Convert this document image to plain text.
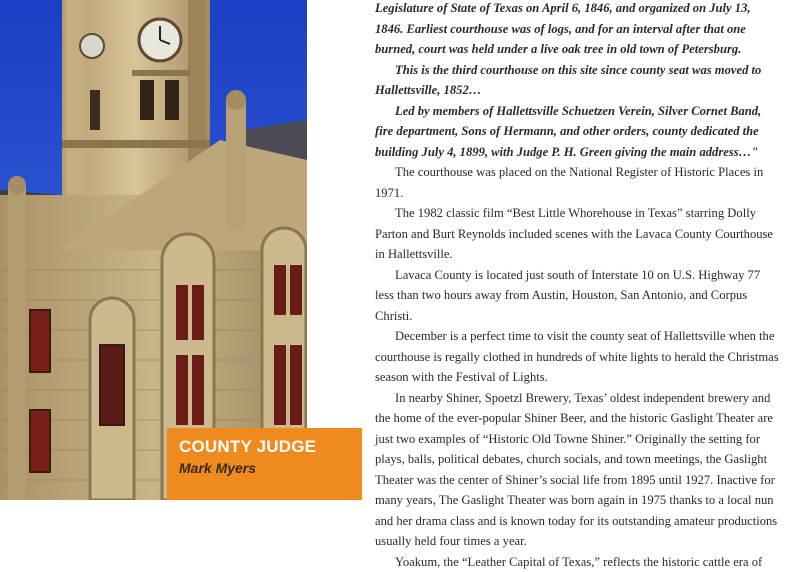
COUNTY JUDGE
Mark Myers

Legislature of State of Texas on April 6, 1846, and organized on July 13, 1846. Earliest courthouse was of logs, and for an interval after that one burned, court was held under a live oak tree in old town of Petersburg.

This is the third courthouse on this site since county seat was moved to Hallettsville, 1852…

Led by members of Hallettsville Schuetzen Verein, Silver Cornet Band, fire department, Sons of Hermann, and other orders, county dedicated the building July 4, 1899, with Judge P. H. Green giving the main address…"

The courthouse was placed on the National Register of Historic Places in 1971.

The 1982 classic film “Best Little Whorehouse in Texas” starring Dolly Parton and Burt Reynolds included scenes with the Lavaca County Courthouse in Hallettsville.

Lavaca County is located just south of Interstate 10 on U.S. Highway 77 less than two hours away from Austin, Houston, San Antonio, and Corpus Christi.

December is a perfect time to visit the county seat of Hallettsville when the courthouse is regally clothed in hundreds of white lights to herald the Christmas season with the Festival of Lights.

In nearby Shiner, Spoetzl Brewery, Texas’ oldest independent brewery and the home of the ever-popular Shiner Beer, and the historic Gaslight Theater are just two examples of “Historic Old Towne Shiner.” Originally the setting for plays, balls, political debates, church socials, and town meetings, the Gaslight Theater was the center of Shiner’s social life from 1895 until 1927. Inactive for many years, The Gaslight Theater was born again in 1975 thanks to a local nun and her drama class and is known today for its outstanding amateur productions usually held four times a year.

Yoakum, the “Leather Capital of Texas,” reflects the historic cattle era of
